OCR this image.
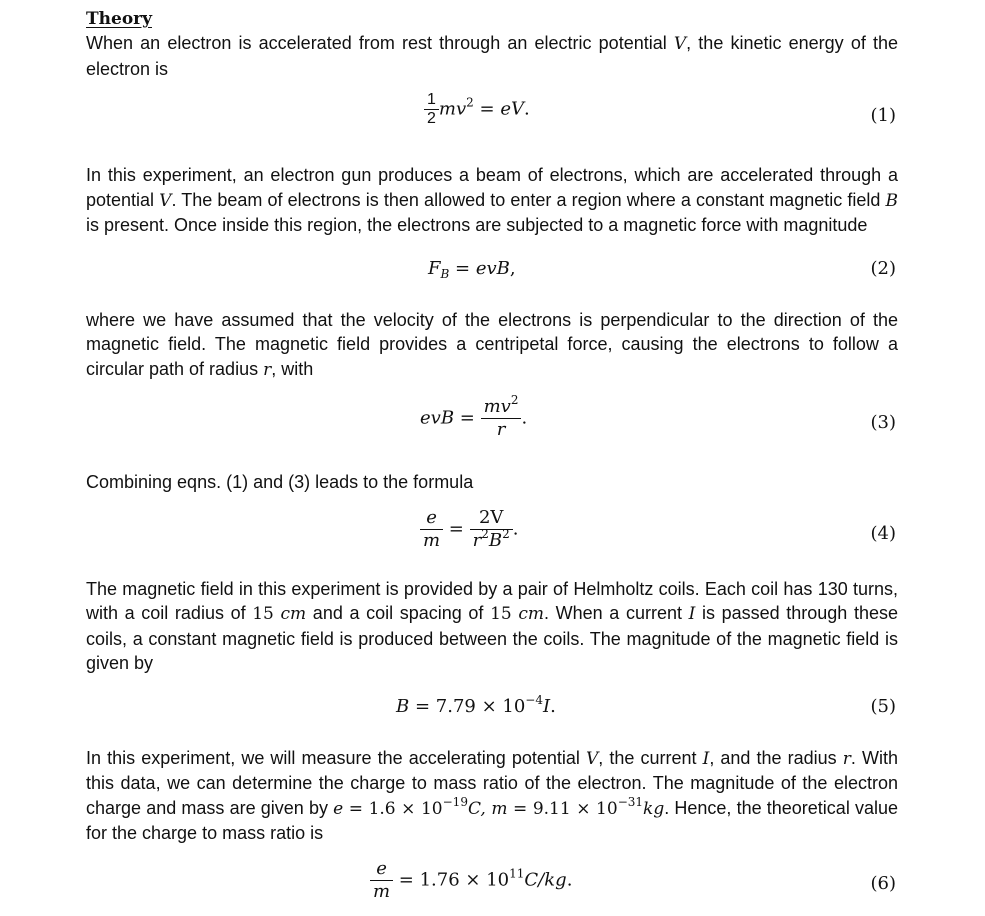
Theory

When an electron is accelerated from rest through an electric potential V, the kinetic energy of the electron is

$\frac{1}{2} mv^2$ = eV.	(1)

In this experiment, an electron gun produces a beam of electrons, which are accelerated through a potential V. The beam of electrons is then allowed to enter a region where a constant magnetic field B is present. Once inside this region, the electrons are subjected to a magnetic force with magnitude

$F_B$ = evB,	(2)

where we have assumed that the velocity of the electrons is perpendicular to the direction of the magnetic field. The magnetic field provides a centripetal force, causing the electrons to follow a circular path of radius r, with

evB = $\frac{mv^2}{r}$ .	(3)

Combining eqns. (1) and (3) leads to the formula

$\frac{e}{m} = \frac{2V}{r^2B^2}$ .	(4)

The magnetic field in this experiment is provided by a pair of Helmholtz coils. Each coil has 130 turns, with a coil radius of 15 cm and a coil spacing of 15 cm. When a current I is passed through these coils, a constant magnetic field is produced between the coils. The magnitude of the magnetic field is given by

$B = 7.79 \times 10^{-4}I$.	(5)

In this experiment, we will measure the accelerating potential V, the current I, and the radius r. With this data, we can determine the charge to mass ratio of the electron. The magnitude of the electron charge and mass are given by $e = 1.6 \times 10^{-19}C$, $m = 9.11 \times 10^{-31}kg$. Hence, the theoretical value for the charge to mass ratio is

$\frac{e}{m} = 1.76 \times 10^{11}C/kg$.	(6)
